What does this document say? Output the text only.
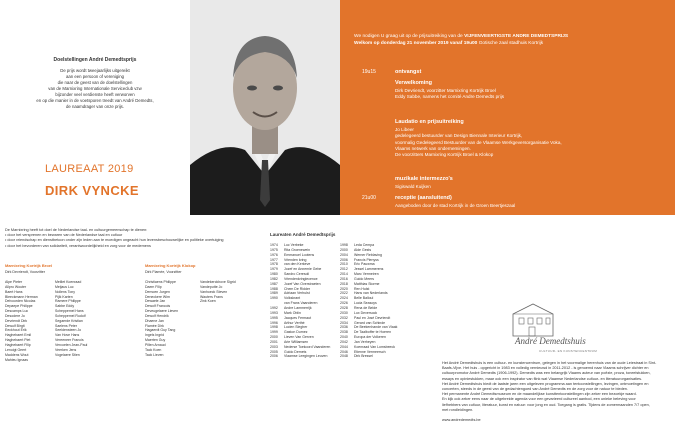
Doelstellingen André Demedtsprijs
De prijs wordt tweejaarlijks uitgereikt
aan een persoon of vereniging
die naar de geest van de doelstellingen
van de Marnixring Internationale Serviceclub vzw
bijzonder veel verdienste heeft verworven
en op die manier in de voetsporen treedt van André Demedts,
de naamdrager van onze prijs.
LAUREAAT 2019
DIRK VYNCKE
We nodigen U graag uit op de prijsuitreiking van de VIJFENVEERTIGSTE ANDRE DEMEDTSPRIJS
Welkom op donderdag 21 november 2019 vanaf 19u00 Gotische zaal stadhuis Kortrijk
19u15	ontvangst
Verwelkoming
Dirk Devriendt, voorzitter Marnixring Kortrijk Broel
Eddy Sabbe, namens het comité Andre Demedts prijs
Laudatio en prijsuitreiking
Jo Libeer
gedelegeerd bestuurder van Design Biennale Interieur Kortrijk,
voormalig Gedelegeerd Bestuurder van de Vlaamse Werkgeversorganisatie Voka,
Vlaams netwerk van ondernemingen.
De voorzitters Marnixring Kortrijk Broel & Klokop
muzikale intermezzo's
Sigiswald Kuijken
21u00	receptie (aansluitend)
Aangeboden door de stad Kortrijk in de Groen Beertjeszaal
De Marnixring heeft tot doel de Nederlandse taal- en cultuurgemeenschap te dienen:
• door het versprenen en bewaren van de Nederlandse taal en cultuur
• door vriendschap en dienstbetoon onder zijn leden aan te moedigen ongeacht hun levensbeschouwelijke en politieke overtuiging
• door het bevorderen van solidariteit, verantwoordelijkheid en zorg voor de medemens
Marnixring Kortrijk Broel
Dirk Devriendt, Voorzitter
Alpe Pieter
Allpro Wouter
Baert Hans
Bleeckmann Herman
Delvoorden Nicolas
Depaepe Philippe
Descamps Luc
Desodere Jo
Devriendt Dirk
Dewulf Birgit
Eeckhout Erik
Haghebaert Emil
Haghebaert Piet
Haghebaert Filip
Lenoigt Geert
Maddens Wout
Mahieu Ignaas
Meillet Koenraad
Meijaus Luc
Nollens Tony
Pijlk Karten
Ramere Philippe
Sabbe Eddy
Scheppemel Hans
Scheppemel Rudolf
Segaerde Kristian
Saelens Peter
Seeldensteen Jo
Van Hove Hans
Vereeneer Francis
Vercoelen Jean-Paul
Veerken Jens
Vogelaere Stien

Marnixring Kortrijk Klokop
Dirk Flamée, Voorzitter
Christiaens Philippe
Daem Filip
Demoen Jurgen
Deneckere Wim
Dewaele Jan
Dewolf Francois
Deveugelaere Lieven
Dewolf Hendrik
Dhaene Jan
Flamée Dirk
Hagaerdt Guy Tang
Ingels Ingrid
Maerten Guy
Pillen Arnaud
Tack Koen
Tack Lieven
Vandekerckhove Sigrid
Vandeputte Jo
Vanhoeck Steven
Wauters Frans
Zink Koen

Laureaten André Demedtsprijs
1974 Luc Verbeke
1975 Rita Groenewein
1976 Emmanuel Lootens
1977 Vrienden kring
1978 van den Kerkeve
1979 Jozef en Annemie Gebe
1980 Sandro Ceresoli
1982 Vriendenkringlecence
1987 Jozef Van Overstraeten
1988 Chem De Ridder
1989 Adriaan Verhulst
1990 Volkskrant
van Frans Vaanderen
1992 Andre Lammerrijk
1993 Mark Oblin
1995 Jacques Fermaut
1996 Arthur Verthé
1998 Lucien Slegher
1999 Gaston Durnez
2000 Lieven Van Gerven
2001 Arie Williamsen
2003 Nederse Toekoord Vaanderen
2005 Guido Demets
2006 Vlaamse Leegingen Leuven
1998 Leda Cempa
2000 Alde Gests
2004 Werner Reblaving
2006 Francis Pienyss
2010 Eric Pauwma
2012 Jessel Lammerens
2014 Marc Vermeiren
2016 Guido Meers
2018 Matthias Storme
2020 Ren Hulst
2022 Hans van Nederlands
2024 Belle Balloul
2026 Lucia Seasoys
2028 Rena de Belde
2030 Lux Deversock
2032 Paul en José Devriendt
2034 Gerard van Schinde
2036 De Beekenhande van Vlaak
2038 De Taalboffer te Hoeren
2040 Europa der Volkeren
2042 Jan Verheyen
2044 Koenraad Van Lomsbeeck
2046 Etienne Vermeersch
2048 Dirk Bressel
André Demedtshuis
CULTUUR- EN KUNSTENCENTRUM
Het André Demedtshuis is een cultuur- en kunstencentrum, gelegen in het voormalige herenhuis van de oude Leiestraat in Sint-
Baafs-Vijve. Het huis - opgericht in 1983 en volledig vernieuwd in 2011-2012 - is genoemd naar Vlaams schrijver dichter en
cultuurpromotor André Demedts (1906-1992). Demedts was een belangrijk Vlaams auteur van poëzie, proza, toneelstukken,
essays en opiniestukken, maar ook een inspirator van flink wat Vlaamse Nederlandse cultuur- en literatuurorganisaties.
Het André Demedtshuis biedt de laatste jaren een uitgelezen programma aan tentoonstellingen, lezingen, ontmoetingen en
concerten, steeds in de geest van de gedachtengoed van André Demedts en de zorg voor de natuur te bieden.
Het permanente André Demedtsmuseum en de maandelijkse kunsttentoonstellingen zijn zeker een bezoekje waard.
En kijk ook zeker eens naar de uitgebreide agenda voor een gevarieerd cultureel aanbod, een unieke beleving voor
liefhebbers van cultuur, literatuur, kunst en natuur: voor jong en oud. Toegang is gratis. Tijdens de zomermaanden 7/7 open,
met rondleidingen.

www.andredemedts.be
